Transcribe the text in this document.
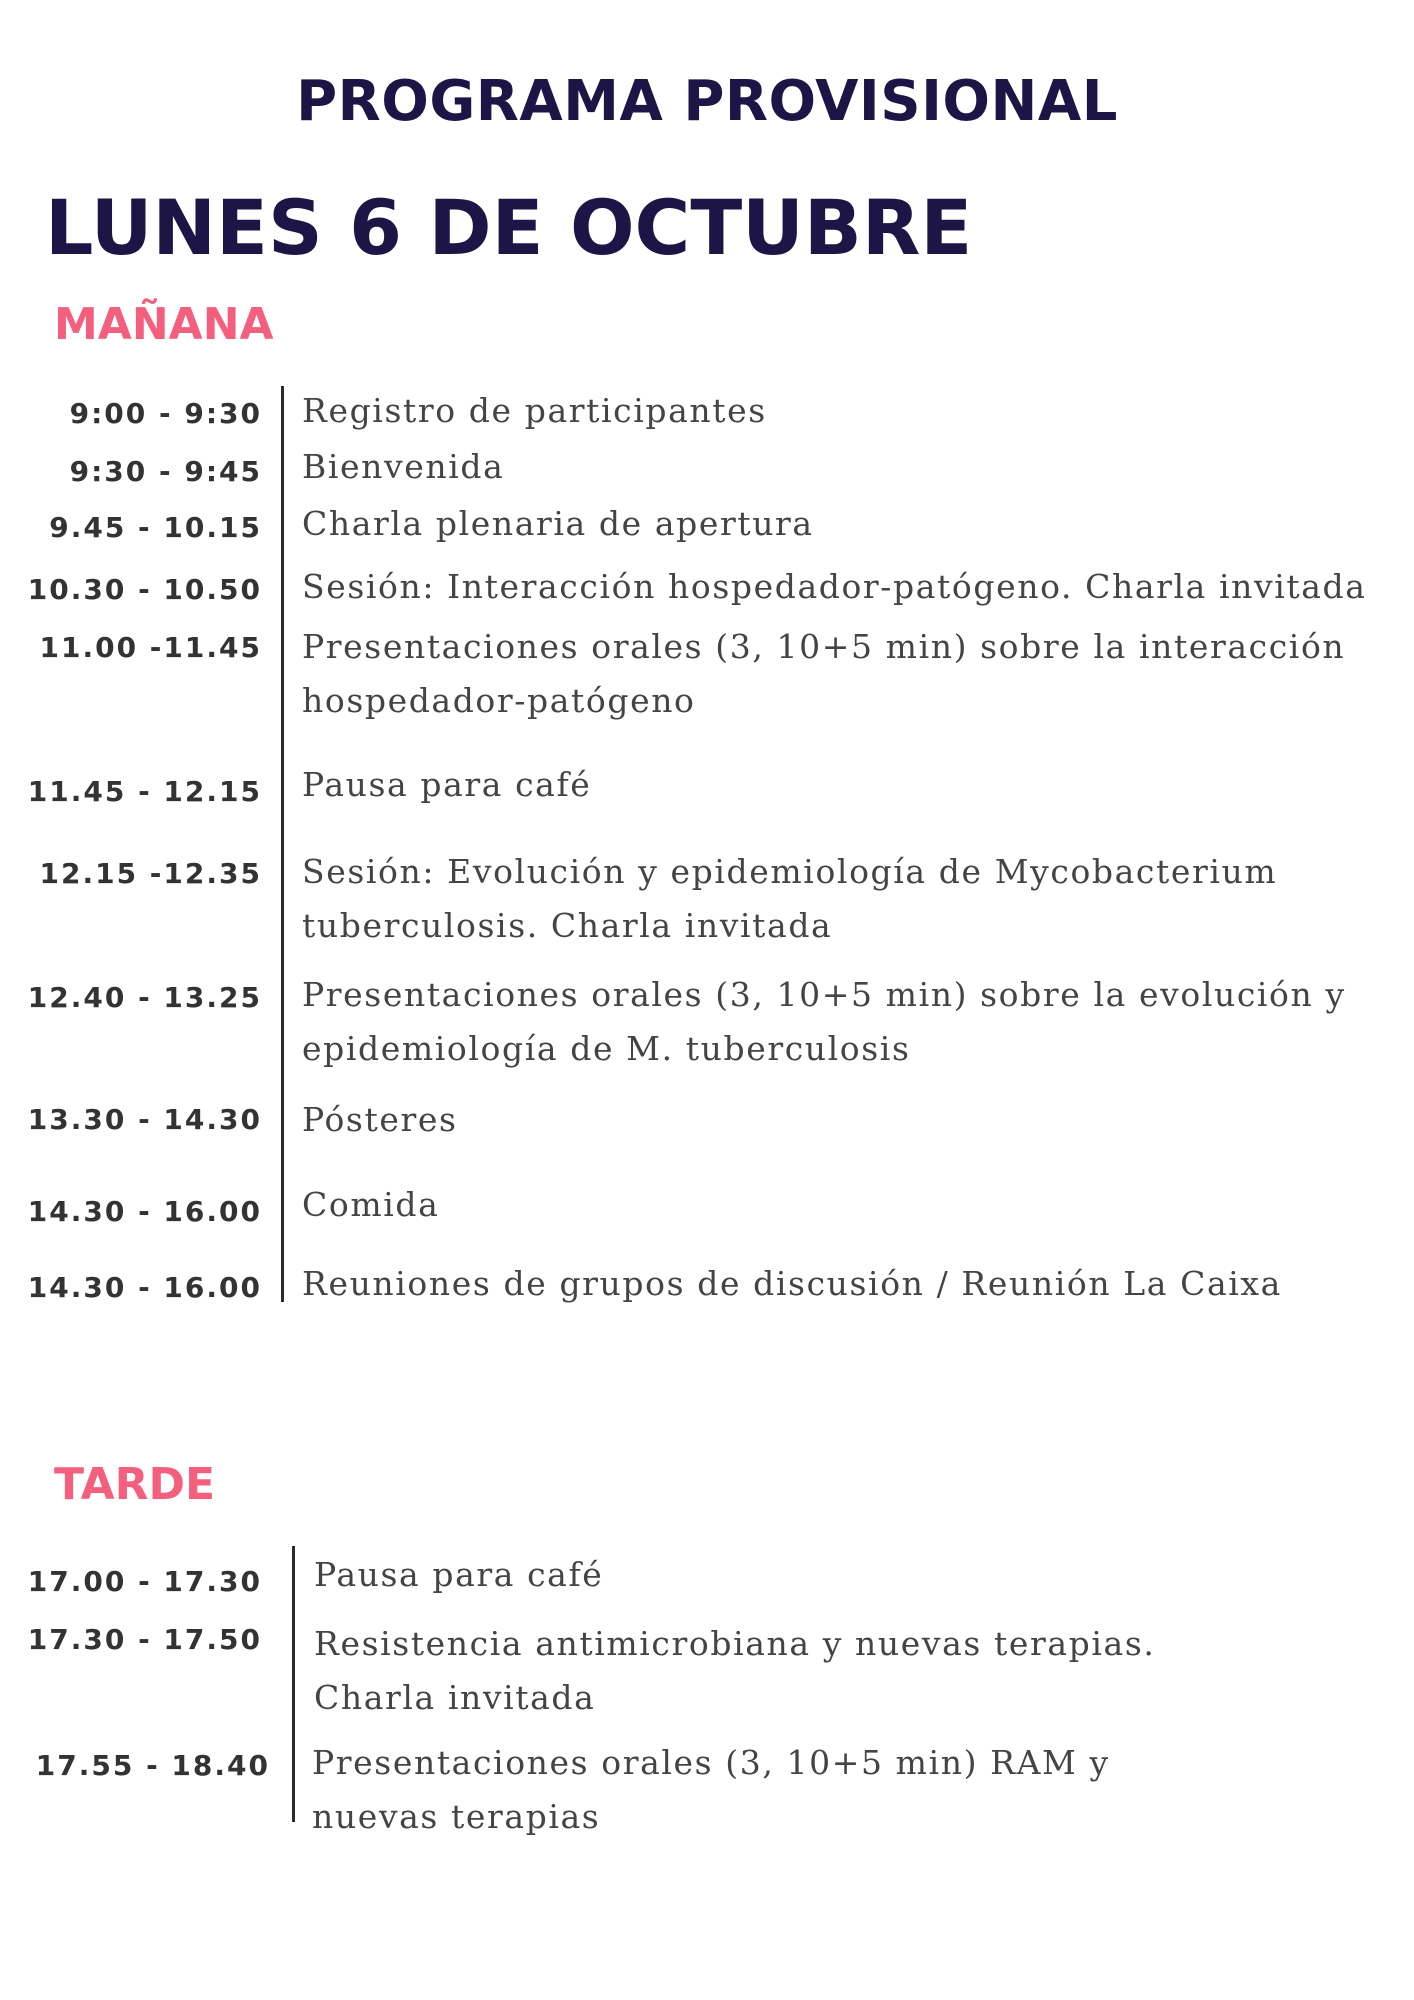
PROGRAMA PROVISIONAL
LUNES 6 DE OCTUBRE
MAÑANA
9:00 - 9:30
9:30 - 9:45
9.45 - 10.15
10.30 - 10.50
11.00 -11.45
11.45 - 12.15
12.15 -12.35
12.40 - 13.25
13.30 - 14.30
14.30 - 16.00
14.30 - 16.00
Registro de participantes
Bienvenida
Charla plenaria de apertura
Sesión: Interacción hospedador-patógeno. Charla invitada
Presentaciones orales (3, 10+5 min) sobre la interacción
hospedador-patógeno
Pausa para café
Sesión: Evolución y epidemiología de Mycobacterium
tuberculosis. Charla invitada
Presentaciones orales (3, 10+5 min) sobre la evolución y
epidemiología de M. tuberculosis
Pósteres
Comida
Reuniones de grupos de discusión / Reunión La Caixa
TARDE
17.00 - 17.30
17.30 - 17.50
17.55 - 18.40
Pausa para café
Resistencia antimicrobiana y nuevas terapias.
Charla invitada
Presentaciones orales (3, 10+5 min) RAM y
nuevas terapias
